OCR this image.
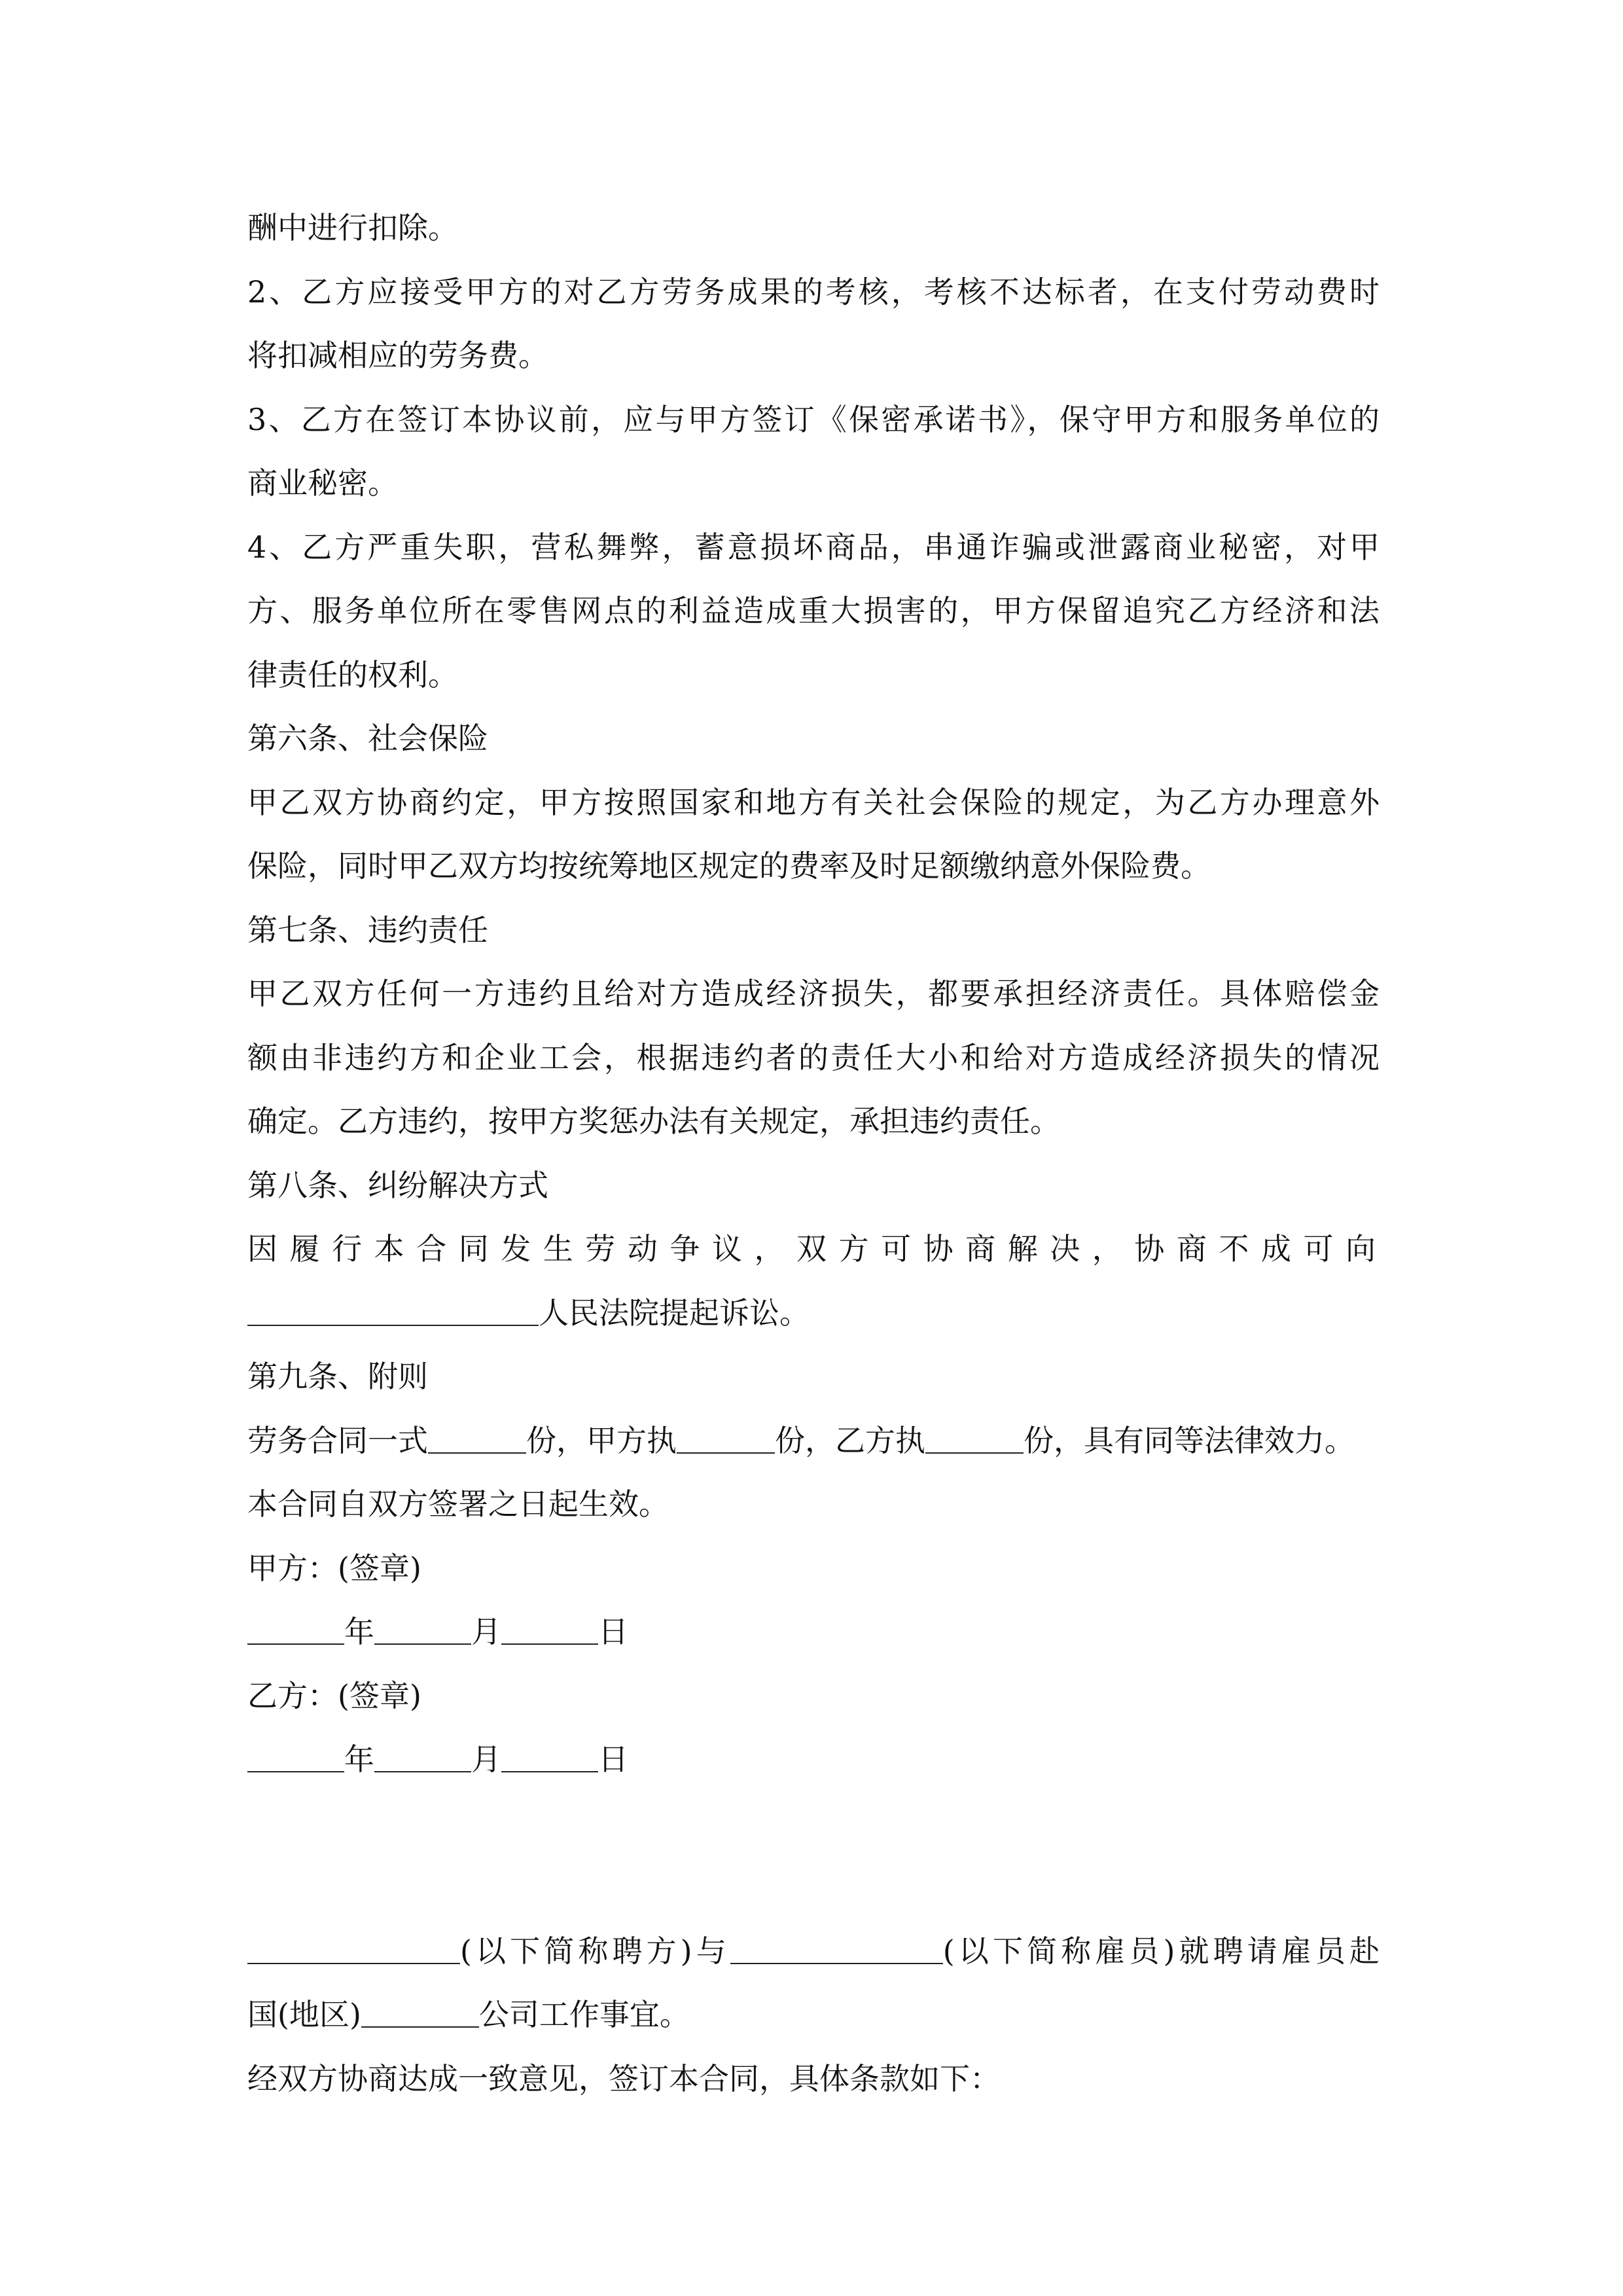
酬中进行扣除。
2、乙方应接受甲方的对乙方劳务成果的考核，考核不达标者，在支付劳动费时
将扣减相应的劳务费。
3、乙方在签订本协议前，应与甲方签订《保密承诺书》，保守甲方和服务单位的
商业秘密。
4、乙方严重失职，营私舞弊，蓄意损坏商品，串通诈骗或泄露商业秘密，对甲
方、服务单位所在零售网点的利益造成重大损害的，甲方保留追究乙方经济和法
律责任的权利。
第六条、社会保险
甲乙双方协商约定，甲方按照国家和地方有关社会保险的规定，为乙方办理意外
保险，同时甲乙双方均按统筹地区规定的费率及时足额缴纳意外保险费。
第七条、违约责任
甲乙双方任何一方违约且给对方造成经济损失，都要承担经济责任。具体赔偿金
额由非违约方和企业工会，根据违约者的责任大小和给对方造成经济损失的情况
确定。乙方违约，按甲方奖惩办法有关规定，承担违约责任。
第八条、纠纷解决方式
因履行本合同发生劳动争议，双方可协商解决，协商不成可向
人民法院提起诉讼。
第九条、附则
劳务合同一式	份，甲方执	份，乙方执	份，具有同等法律效力。
本合同自双方签署之日起生效。
甲方：(签章)
年	月	日
乙方：(签章)
年	月	日
(以下简称聘方)与	(以下简称雇员)就聘请雇员赴
国(地区)	公司工作事宜。
经双方协商达成一致意见，签订本合同，具体条款如下：
